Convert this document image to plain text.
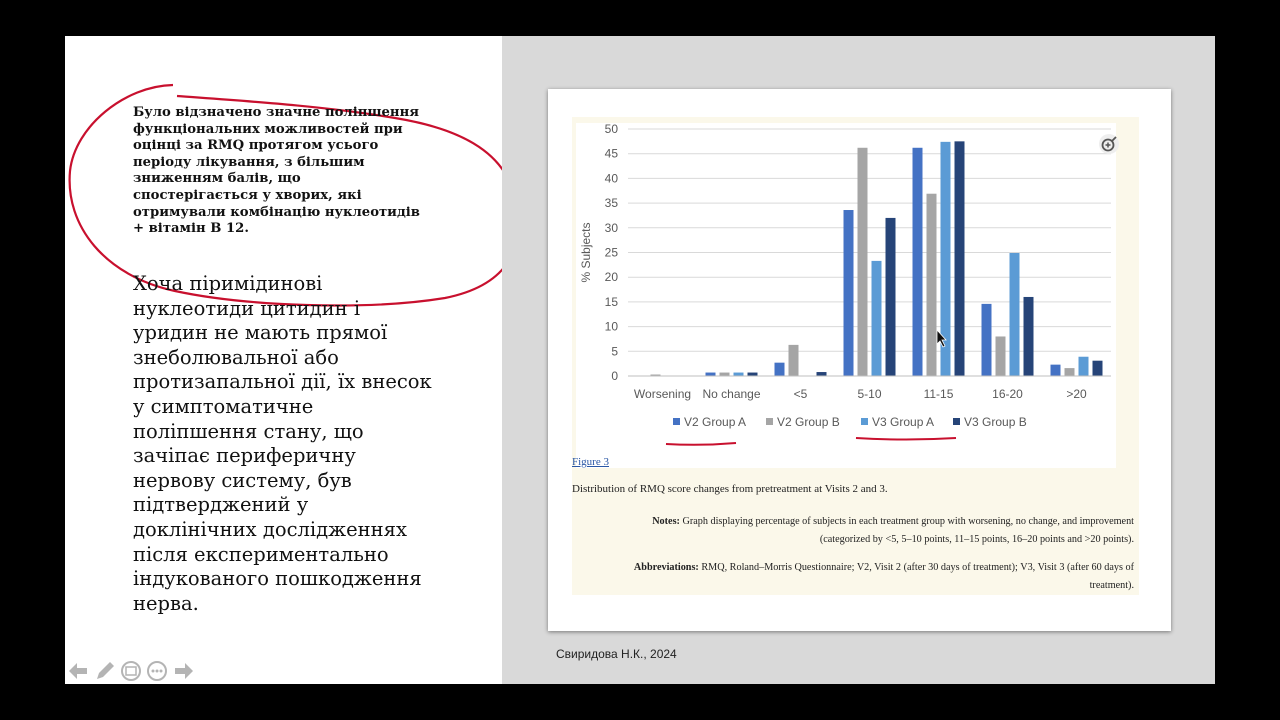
Було відзначено значне поліпшення
функціональних можливостей при
оцінці за RMQ протягом усього
періоду лікування, з більшим
зниженням балів, що
спостерігається у хворих, які
отримували комбінацію нуклеотидів
+ вітамін B 12.
Хоча піримідинові
нуклеотиди цитидин і
уридин не мають прямої
знеболювальної або
протизапальної дії, їх внесок
у симптоматичне
поліпшення стану, що
зачіпає периферичну
нервову систему, був
підтверджений у
доклінічних дослідженнях
після експериментально
індукованого пошкодження
нерва.
0
5
10
15
20
25
30
35
40
45
50
% Subjects
Worsening No change	<5	5-10	11-15	16-20	>20
V2 Group A	V2 Group B	V3 Group A V3 Group B
Figure 3
Distribution of RMQ score changes from pretreatment at Visits 2 and 3.
Notes: Graph displaying percentage of subjects in each treatment group with worsening, no change, and improvement
(categorized by <5, 5–10 points, 11–15 points, 16–20 points and >20 points).
Abbreviations: RMQ, Roland–Morris Questionnaire; V2, Visit 2 (after 30 days of treatment); V3, Visit 3 (after 60 days of
treatment).
Свиридова Н.К., 2024
